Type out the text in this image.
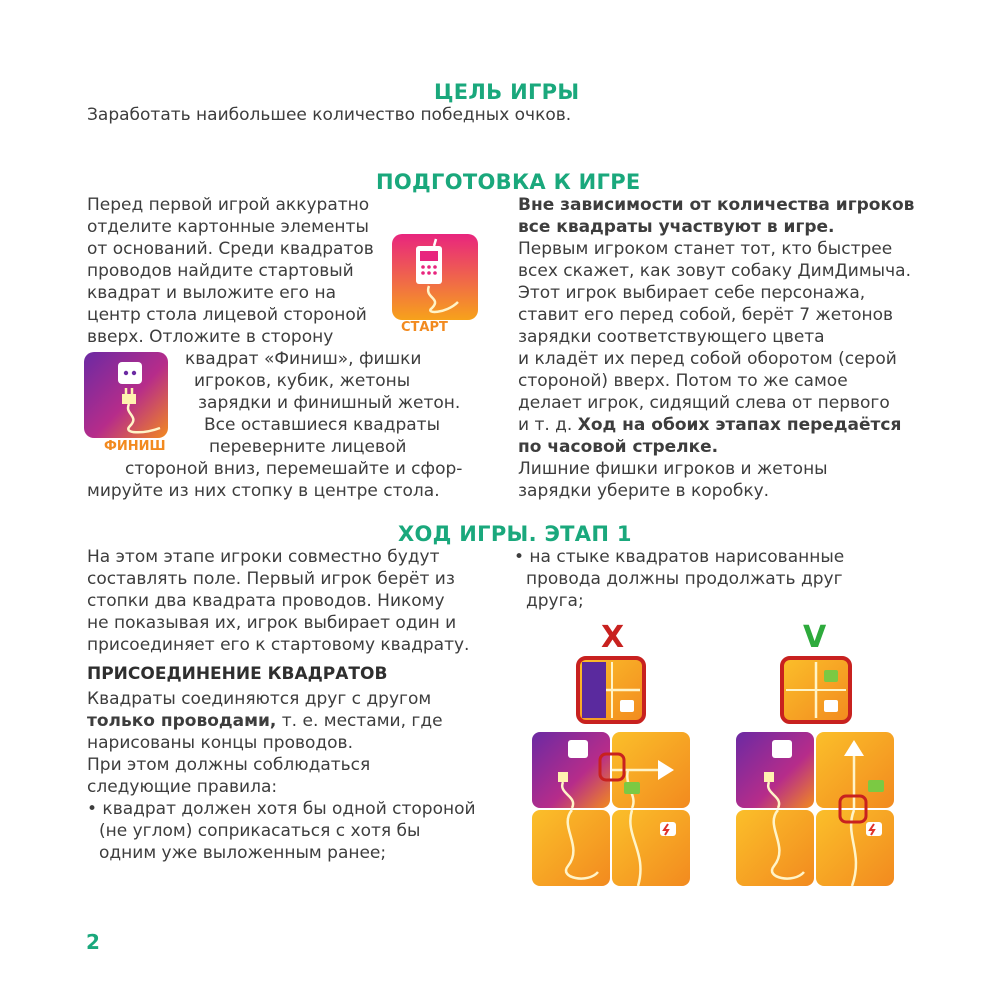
ЦЕЛЬ ИГРЫ
Заработать наибольшее количество победных очков.
ПОДГОТОВКА К ИГРЕ
Перед первой игрой аккуратно
отделите картонные элементы
от оснований. Среди квадратов
проводов найдите стартовый
квадрат и выложите его на
центр стола лицевой стороной
вверх. Отложите в сторону
квадрат «Финиш», фишки
игроков, кубик, жетоны
зарядки и финишный жетон.
Все оставшиеся квадраты
переверните лицевой
стороной вниз, перемешайте и сфор-
мируйте из них стопку в центре стола.
СТАРТ
ФИНИШ
Вне зависимости от количества игроков
все квадраты участвуют в игре.
Первым игроком станет тот, кто быстрее
всех скажет, как зовут собаку ДимДимыча.
Этот игрок выбирает себе персонажа,
ставит его перед собой, берёт 7 жетонов
зарядки соответствующего цвета
и кладёт их перед собой оборотом (серой
стороной) вверх. Потом то же самое
делает игрок, сидящий слева от первого
и т. д. Ход на обоих этапах передаётся
по часовой стрелке.
Лишние фишки игроков и жетоны
зарядки уберите в коробку.
ХОД ИГРЫ. ЭТАП 1
На этом этапе игроки совместно будут
составлять поле. Первый игрок берёт из
стопки два квадрата проводов. Никому
не показывая их, игрок выбирает один и
присоединяет его к стартовому квадрату.
ПРИСОЕДИНЕНИЕ КВАДРАТОВ
Квадраты соединяются друг с другом
только проводами, т. е. местами, где
нарисованы концы проводов.
При этом должны соблюдаться
следующие правила:
• квадрат должен хотя бы одной стороной
(не углом) соприкасаться с хотя бы
одним уже выложенным ранее;
• на стыке квадратов нарисованные
провода должны продолжать друг
друга;
X	V
2
